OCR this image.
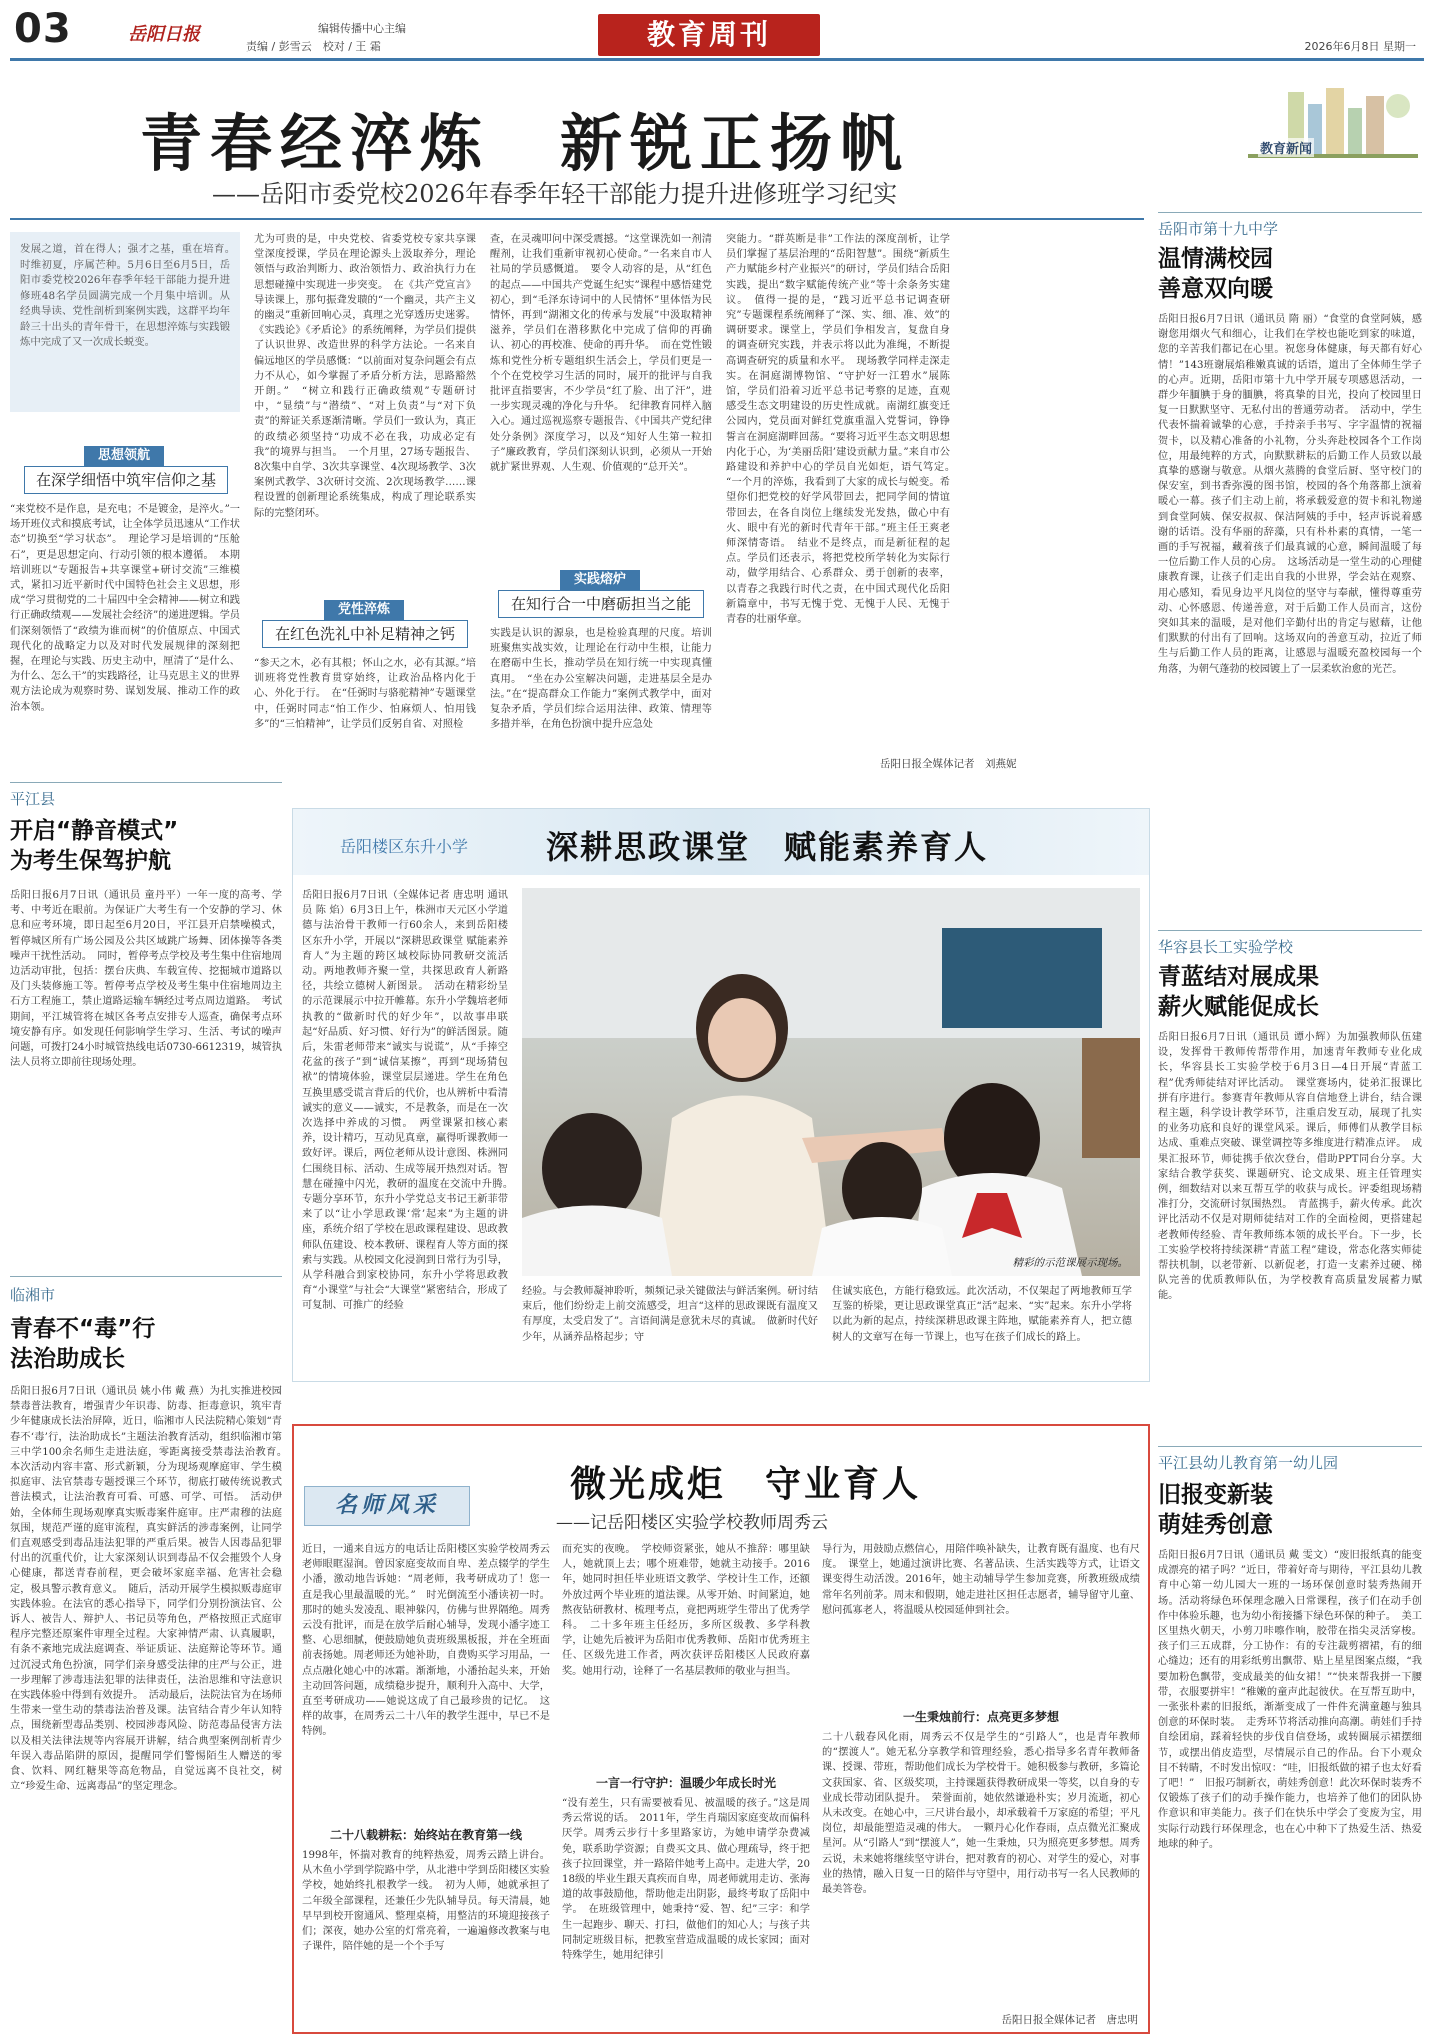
03	岳阳日报	编辑传播中心主编
责编 / 彭雪云　校对 / 王 霜	教育周刊	2026年6月8日 星期一
青春经淬炼　新锐正扬帆
——岳阳市委党校2026年春季年轻干部能力提升进修班学习纪实
教育新闻
发展之道，首在得人；强才之基，重在培育。　时维初夏，序属芒种。5月6日至6月5日，岳阳市委党校2026年春季年轻干部能力提升进修班48名学员圆满完成一个月集中培训。从经典导读、党性剖析到案例实践，这群平均年龄三十出头的青年骨干，在思想淬炼与实践锻炼中完成了又一次成长蜕变。
思想领航
在深学细悟中筑牢信仰之基
“来党校不是作息，是充电；不是镀金，是淬火。”一场开班仪式和摸底考试，让全体学员迅速从“工作状态”切换至“学习状态”。　理论学习是培训的“压舱石”，更是思想定向、行动引领的根本遵循。　本期培训班以“专题报告+共享课堂+研讨交流”三维模式，紧扣习近平新时代中国特色社会主义思想，形成“学习贯彻党的二十届四中全会精神——树立和践行正确政绩观——发展社会经济”的递进逻辑。学员们深刻领悟了“政绩为谁而树”的价值原点、中国式现代化的战略定力以及对时代发展规律的深刻把握，在理论与实践、历史主动中，厘清了“是什么、为什么、怎么干”的实践路径，让马克思主义的世界观方法论成为观察时势、谋划发展、推动工作的政治本领。
尤为可贵的是，中央党校、省委党校专家共享课堂深度授课，学员在理论源头上汲取养分，理论领悟与政治判断力、政治领悟力、政治执行力在思想碰撞中实现进一步突变。　在《共产党宣言》导读课上，那句振聋发聩的“一个幽灵，共产主义的幽灵”重新回响心灵，真理之光穿透历史迷雾。《实践论》《矛盾论》的系统阐释，为学员们提供了认识世界、改造世界的科学方法论。一名来自偏远地区的学员感慨：“以前面对复杂问题会有点力不从心，如今掌握了矛盾分析方法，思路豁然开朗。”　“树立和践行正确政绩观”专题研讨中，“显绩”与“潜绩”、“对上负责”与“对下负责”的辩证关系逐渐清晰。学员们一致认为，真正的政绩必须坚持“功成不必在我，功成必定有我”的境界与担当。　一个月里，27场专题报告、8次集中自学、3次共享课堂、4次现场教学、3次案例式教学、3次研讨交流、2次现场教学……课程设置的创新理论系统集成，构成了理论联系实际的完整闭环。
党性淬炼
在红色洗礼中补足精神之钙
“参天之木，必有其根；怀山之水，必有其源。”培训班将党性教育贯穿始终，让政治品格内化于心、外化于行。　在“任弼时与骆驼精神”专题课堂中，任弼时同志“怕工作少、怕麻烦人、怕用钱多”的“三怕精神”，让学员们反躬自省、对照检
查，在灵魂叩问中深受震撼。“这堂课洗如一剂清醒剂，让我们重新审视初心使命。”一名来自市人社局的学员感慨道。　要令人动容的是，从“红色的起点——中国共产党诞生纪实”课程中感悟建党初心，到“毛泽东诗词中的人民情怀”里体悟为民情怀，再到“湖湘文化的传承与发展”中汲取精神滋养，学员们在潜移默化中完成了信仰的再确认、初心的再校准、使命的再升华。　而在党性锻炼和党性分析专题组织生活会上，学员们更是一个个在党校学习生活的同时，展开的批评与自我批评直指要害，不少学员“红了脸、出了汗”，进一步实现灵魂的净化与升华。　纪律教育同样入脑入心。通过巡视巡察专题报告、《中国共产党纪律处分条例》深度学习，以及“知好人生第一粒扣子”廉政教育，学员们深刻认识到，必须从一开始就扩紧世界观、人生观、价值观的“总开关”。
实践熔炉
在知行合一中磨砺担当之能
实践是认识的源泉，也是检验真理的尺度。培训班聚焦实战实效，让理论在行动中生根，让能力在磨砺中生长，推动学员在知行统一中实现真懂真用。　“坐在办公室解决问题，走进基层全是办法。”在“提高群众工作能力”案例式教学中，面对复杂矛盾，学员们综合运用法律、政策、情理等多措并举，在角色扮演中提升应急处
突能力。“群英断是非”工作法的深度剖析，让学员们掌握了基层治理的“岳阳智慧”。围绕“新质生产力赋能乡村产业振兴”的研讨，学员们结合岳阳实践，提出“数字赋能传统产业”等十余条务实建议。　值得一提的是，“践习近平总书记调查研究”专题课程系统阐释了“深、实、细、准、效”的调研要求。课堂上，学员们争相发言，复盘自身的调查研究实践，并表示将以此为准绳，不断提高调查研究的质量和水平。　现场教学同样走深走实。在洞庭湖博物馆、“守护好一江碧水”展陈馆，学员们沿着习近平总书记考察的足迹，直观感受生态文明建设的历史性成就。南湖红旗变迁公园内，党员面对鲜红党旗重温入党誓词，铮铮誓言在洞庭湖畔回荡。“要将习近平生态文明思想内化于心，为‘美丽岳阳’建设贡献力量。”来自市公路建设和养护中心的学员自光如炬，语气笃定。　“一个月的淬炼，我看到了大家的成长与蜕变。希望你们把党校的好学风带回去，把同学间的情谊带回去，在各自岗位上继续发光发热，做心中有火、眼中有光的新时代青年干部。”班主任王爽老师深情寄语。　结业不是终点，而是新征程的起点。学员们还表示，将把党校所学转化为实际行动，做学用结合、心系群众、勇于创新的表率，以青春之我践行时代之责，在中国式现代化岳阳新篇章中，书写无愧于党、无愧于人民、无愧于青春的壮丽华章。
岳阳日报全媒体记者　刘燕妮
岳阳市第十九中学
温情满校园
善意双向暖
岳阳日报6月7日讯（通讯员 隋 丽）“食堂的食堂阿姨，感谢您用烟火气和细心，让我们在学校也能吃到家的味道，您的辛苦我们都记在心里。祝您身体健康，每天都有好心情！”143班谢展焰稚嫩真诚的话语，道出了全体师生学子的心声。近期，岳阳市第十九中学开展专项感恩活动，一群少年腼腆于身的腼腆，将真挚的目光，投向了校园里日复一日默默坚守、无私付出的普通劳动者。　活动中，学生代表怀揣着诚挚的心意，手持亲手书写、字字温情的祝福贺卡，以及精心准备的小礼物，分头奔赴校园各个工作岗位，用最纯粹的方式，向默默耕耘的后勤工作人员致以最真挚的感谢与敬意。从烟火蒸腾的食堂后厨、坚守校门的保安室，到书香弥漫的图书馆，校园的各个角落都上演着暖心一幕。孩子们主动上前，将承载爱意的贺卡和礼物递到食堂阿姨、保安叔叔、保洁阿姨的手中，轻声诉说着感谢的话语。没有华丽的辞藻，只有朴朴素的真情，一笔一画的手写祝福，藏着孩子们最真诚的心意，瞬间温暖了每一位后勤工作人员的心房。　这场活动是一堂生动的心理健康教育课，让孩子们走出自我的小世界，学会站在观察、用心感知，看见身边平凡岗位的坚守与奉献，懂得尊重劳动、心怀感恩、传递善意，对于后勤工作人员而言，这份突如其来的温暖，是对他们辛勤付出的肯定与慰藉，让他们默默的付出有了回响。这场双向的善意互动，拉近了师生与后勤工作人员的距离，让感恩与温暖充盈校园每一个角落，为朝气蓬勃的校园镀上了一层柔软治愈的光芒。
平江县
开启“静音模式”
为考生保驾护航
岳阳日报6月7日讯（通讯员 童丹平）一年一度的高考、学考、中考近在眼前。为保证广大考生有一个安静的学习、休息和应考环境，即日起至6月20日，平江县开启禁噪模式，暂停城区所有广场公园及公共区域跳广场舞、团体操等各类噪声干扰性活动。　同时，暂停考点学校及考生集中住宿地周边活动审批，包括：摆台庆典、车载宣传、挖掘城市道路以及门头装修施工等。暂停考点学校及考生集中住宿地周边主石方工程施工，禁止道路运输车辆经过考点周边道路。　考试期间，平江城管将在城区各考点安排专人巡查，确保考点环境安静有序。如发现任何影响学生学习、生活、考试的噪声问题，可拨打24小时城管热线电话0730-6612319，城管执法人员将立即前往现场处理。
岳阳楼区东升小学 深耕思政课堂　赋能素养育人
岳阳日报6月7日讯（全媒体记者 唐忠明 通讯员 陈 焰）6月3日上午，株洲市天元区小学道德与法治骨干教师一行60余人，来到岳阳楼区东升小学，开展以“深耕思政课堂 赋能素养育人”为主题的跨区域校际协同教研交流活动。两地教师齐聚一堂，共探思政育人新路径，共绘立德树人新图景。　活动在精彩纷呈的示范课展示中拉开帷幕。东升小学魏培老师执教的“做新时代的好少年”，以故事串联起“好品质、好习惯、好行为”的鲜活图景。随后，朱雷老师带来“诚实与说谎”，从“手捧空花盆的孩子”到“诚信某擦”，再到“现场猜包袱”的情境体验，课堂层层递进。学生在角色互换里感受谎言背后的代价，也从辨析中看清诚实的意义——诚实，不是教条，而是在一次次选择中养成的习惯。　两堂课紧扣核心素养，设计精巧，互动见真章，赢得听课教师一致好评。课后，两位老师从设计意图、株洲同仁围绕目标、活动、生成等展开热烈对话。智慧在碰撞中闪光，教研的温度在交流中升腾。　专题分享环节，东升小学党总支书记王新菲带来了以“让小学思政课‘常’起来”为主题的讲座，系统介绍了学校在思政课程建设、思政教师队伍建设、校本教研、课程育人等方面的探索与实践。从校园文化浸润到日常行为引导，从学科融合到家校协同，东升小学将思政教育“小课堂”与社会“大课堂”紧密结合，形成了可复制、可推广的经验
精彩的示范课展示现场。
经验。与会教师凝神聆听，频频记录关键做法与鲜活案例。研讨结束后，他们纷纷走上前交流感受，坦言“这样的思政课既有温度又有厚度，太受启发了”。言语间满是意犹未尽的真诚。　做新时代好少年，从涵养品格起步；守
住诚实底色，方能行稳致远。此次活动，不仅架起了两地教师互学互鉴的桥梁，更让思政课堂真正“活”起来、“实”起来。东升小学将以此为新的起点，持续深耕思政课主阵地，赋能素养育人，把立德树人的文章写在每一节课上，也写在孩子们成长的路上。
华容县长工实验学校
青蓝结对展成果
薪火赋能促成长
岳阳日报6月7日讯（通讯员 谭小辉）为加强教师队伍建设，发挥骨干教师传帮带作用，加速青年教师专业化成长，华容县长工实验学校于6月3日—4日开展“青蓝工程”优秀师徒结对评比活动。　课堂赛场内，徒弟汇报课比拼有序进行。参赛青年教师从容自信地登上讲台，结合课程主题，科学设计教学环节，注重启发互动，展现了扎实的业务功底和良好的课堂风采。课后，师傅们从教学目标达成、重难点突破、课堂调控等多维度进行精准点评。　成果汇报环节，师徒携手依次登台，借助PPT同台分享。大家结合教学获奖、课题研究、论文成果、班主任管理实例，细数结对以来互帮互学的收获与成长。评委组现场精准打分，交流研讨氛围热烈。　青蓝携手，薪火传承。此次评比活动不仅是对期师徒结对工作的全面检阅，更搭建起老教师传经验、青年教师练本领的成长平台。下一步，长工实验学校将持续深耕“青蓝工程”建设，常态化落实师徒帮扶机制，以老带新、以新促老，打造一支素养过硬、梯队完善的优质教师队伍，为学校教育高质量发展蓄力赋能。
临湘市
青春不“毒”行
法治助成长
岳阳日报6月7日讯（通讯员 姚小伟 戴 燕）为扎实推进校园禁毒普法教育，增强青少年识毒、防毒、拒毒意识，筑牢青少年健康成长法治屏障，近日，临湘市人民法院精心策划“青春不‘毒’行，法治助成长”主题法治教育活动，组织临湘市第三中学100余名师生走进法庭，零距离接受禁毒法治教育。　本次活动内容丰富、形式新颖，分为现场观摩庭审、学生模拟庭审、法官禁毒专题授课三个环节，彻底打破传统说教式普法模式，让法治教育可看、可感、可学、可悟。　活动伊始，全体师生现场观摩真实贩毒案件庭审。庄严肃穆的法庭氛围，规范严谨的庭审流程，真实鲜活的涉毒案例，让同学们直观感受到毒品违法犯罪的严重后果。被告人因毒品犯罪付出的沉重代价，让大家深刻认识到毒品不仅会摧毁个人身心健康，都送青春前程，更会破坏家庭幸福、危害社会稳定，极具警示教育意义。　随后，活动开展学生模拟贩毒庭审实践体验。在法官的悉心指导下，同学们分别扮演法官、公诉人、被告人、辩护人、书记员等角色，严格按照正式庭审程序完整还原案件审理全过程。大家神情严肃、认真履职，有条不紊地完成法庭调查、举证质证、法庭辩论等环节。通过沉浸式角色扮演，同学们亲身感受法律的庄严与公正，进一步理解了涉毒违法犯罪的法律责任，法治思维和守法意识在实践体验中得到有效提升。　活动最后，法院法官为在场师生带来一堂生动的禁毒法治普及课。法官结合青少年认知特点，围绕新型毒品类别、校园涉毒风险、防范毒品侵害方法以及相关法律法规等内容展开讲解，结合典型案例剖析青少年误入毒品陷阱的原因，提醒同学们警惕陌生人赠送的零食、饮料、网红糖果等高危物品，自觉远离不良社交，树立“珍爱生命、远离毒品”的坚定理念。
名师风采
微光成炬　守业育人
——记岳阳楼区实验学校教师周秀云
近日，一通来自远方的电话让岳阳楼区实验学校周秀云老师眼眶湿润。曾因家庭变故而自卑、差点辍学的学生小潘，激动地告诉她：“周老师，我考研成功了！您一直是我心里最温暖的光。”　时光倒流至小潘读初一时。那时的她头发凌乱、眼神躲闪，仿佛与世界隔绝。周秀云没有批评，而是在放学后耐心辅导，发现小潘字迹工整、心思细腻，便鼓励她负责班级黑板报，并在全班面前表扬她。周老师还为她补助，自费购买学习用品，一点点融化她心中的冰霜。渐渐地，小潘抬起头来，开始主动回答问题，成绩稳步提升，顺利升入高中、大学，直至考研成功——她说这成了自己最珍贵的记忆。　这样的故事，在周秀云二十八年的教学生涯中，早已不是特例。
二十八载耕耘：始终站在教育第一线
1998年，怀揣对教育的纯粹热爱，周秀云踏上讲台。从木鱼小学到学院路中学，从北港中学到岳阳楼区实验学校，她始终扎根教学一线。　初为人师，她就承担了二年级全部课程，还兼任少先队辅导员。每天清晨，她早早到校开窗通风、整理桌椅，用整洁的环境迎接孩子们；深夜，她办公室的灯常亮着，一遍遍修改教案与电子课件，陪伴她的是一个个手写
而充实的夜晚。　学校师资紧张，她从不推辞：哪里缺人，她就顶上去；哪个班难带，她就主动接手。2016年，她同时担任毕业班语文教学、学校计生工作，还额外放过两个毕业班的道法课。从零开始、时间紧迫，她熬夜钻研教材、梳理考点，竟把两班学生带出了优秀学科。　二十多年班主任经历，多所区级教、多学科教学，让她先后被评为岳阳市优秀教师、岳阳市优秀班主任、区级先进工作者，两次获评岳阳楼区人民政府嘉奖。她用行动，诠释了一名基层教师的敬业与担当。
一言一行守护：温暖少年成长时光
“没有差生，只有需要被看见、被温暖的孩子。”这是周秀云常说的话。　2011年，学生肖瑞因家庭变故而偏科厌学。周秀云步行十多里路家访，为她申请学杂费减免，联系助学资源；自费买文具、做心理疏导，终于把孩子拉回课堂，并一路陪伴她考上高中。走进大学，2018级的毕业生跟天真疾而自卑，周老师就用走访、张海道的故事鼓励他，帮助他走出阴影，最终考取了岳阳中学。　在班级管理中，她秉持“爱、智、纪”三字：和学生一起跑步、聊天、打扫，做他们的知心人；与孩子共同制定班级目标，把教室营造成温暖的成长家园；面对特殊学生，她用纪律引
导行为，用鼓励点燃信心，用陪伴唤补缺失，让教育既有温度、也有尺度。　课堂上，她通过演讲比赛、名著品读、生活实践等方式，让语文课变得生动活泼。2016年，她主动辅导学生参加竞赛，所教班级成绩常年名列前茅。周末和假期，她走进社区担任志愿者，辅导留守儿童、慰问孤寡老人，将温暖从校园延伸到社会。
一生秉烛前行：点亮更多梦想
二十八载春风化雨，周秀云不仅是学生的“引路人”，也是青年教师的“摆渡人”。她无私分享教学和管理经验，悉心指导多名青年教师备课、授课、带班，帮助他们成长为学校骨干。她积极参与教研，多篇论文获国家、省、区级奖项，主持课题获得教研成果一等奖，以自身的专业成长带动团队提升。　荣誉面前，她依然谦逊朴实；岁月流逝，初心从未改变。在她心中，三尺讲台最小，却承载着千万家庭的希望；平凡岗位，却最能塑造灵魂的伟大。　一颗丹心化作春雨，点点微光汇聚成星河。从“引路人”到“摆渡人”，她一生秉烛，只为照亮更多梦想。周秀云说，未来她将继续坚守讲台，把对教育的初心、对学生的爱心，对事业的热情，融入日复一日的陪伴与守望中，用行动书写一名人民教师的最美答卷。
岳阳日报全媒体记者　唐忠明
平江县幼儿教育第一幼儿园
旧报变新装
萌娃秀创意
岳阳日报6月7日讯（通讯员 戴 雯文）“废旧报纸真的能变成漂亮的裙子吗？”近日，带着好奇与期待，平江县幼儿教育中心第一幼儿园大一班的一场环保创意时装秀热闹开场。活动将绿色环保理念融入日常课程，孩子们在动手创作中体验乐趣，也为幼小衔接播下绿色环保的种子。　美工区里热火朝天，小剪刀咔嚓作响，胶带在指尖灵活穿梭。孩子们三五成群，分工协作：有的专注裁剪褶裙，有的细心缝边；还有的用彩纸剪出飘带、贴上星星图案点缀，“我要加粉色飘带，变成最美的仙女裙！”“快来帮我拼一下腰带，衣服要拼牢！”稚嫩的童声此起彼伏。在互帮互助中，一张张朴素的旧报纸，渐渐变成了一件件充满童趣与独具创意的环保时装。　走秀环节将活动推向高潮。萌娃们手持自绘团扇，踩着轻快的步伐自信登场，或转圈展示裙摆细节，或摆出俏皮造型，尽情展示自己的作品。台下小观众目不转睛，不时发出惊叹：“哇，旧报纸做的裙子也太好看了吧！”　旧报巧制新衣，萌娃秀创意！此次环保时装秀不仅锻炼了孩子们的动手操作能力，也培养了他们的团队协作意识和审美能力。孩子们在快乐中学会了变废为宝，用实际行动践行环保理念，也在心中种下了热爱生活、热爱地球的种子。
